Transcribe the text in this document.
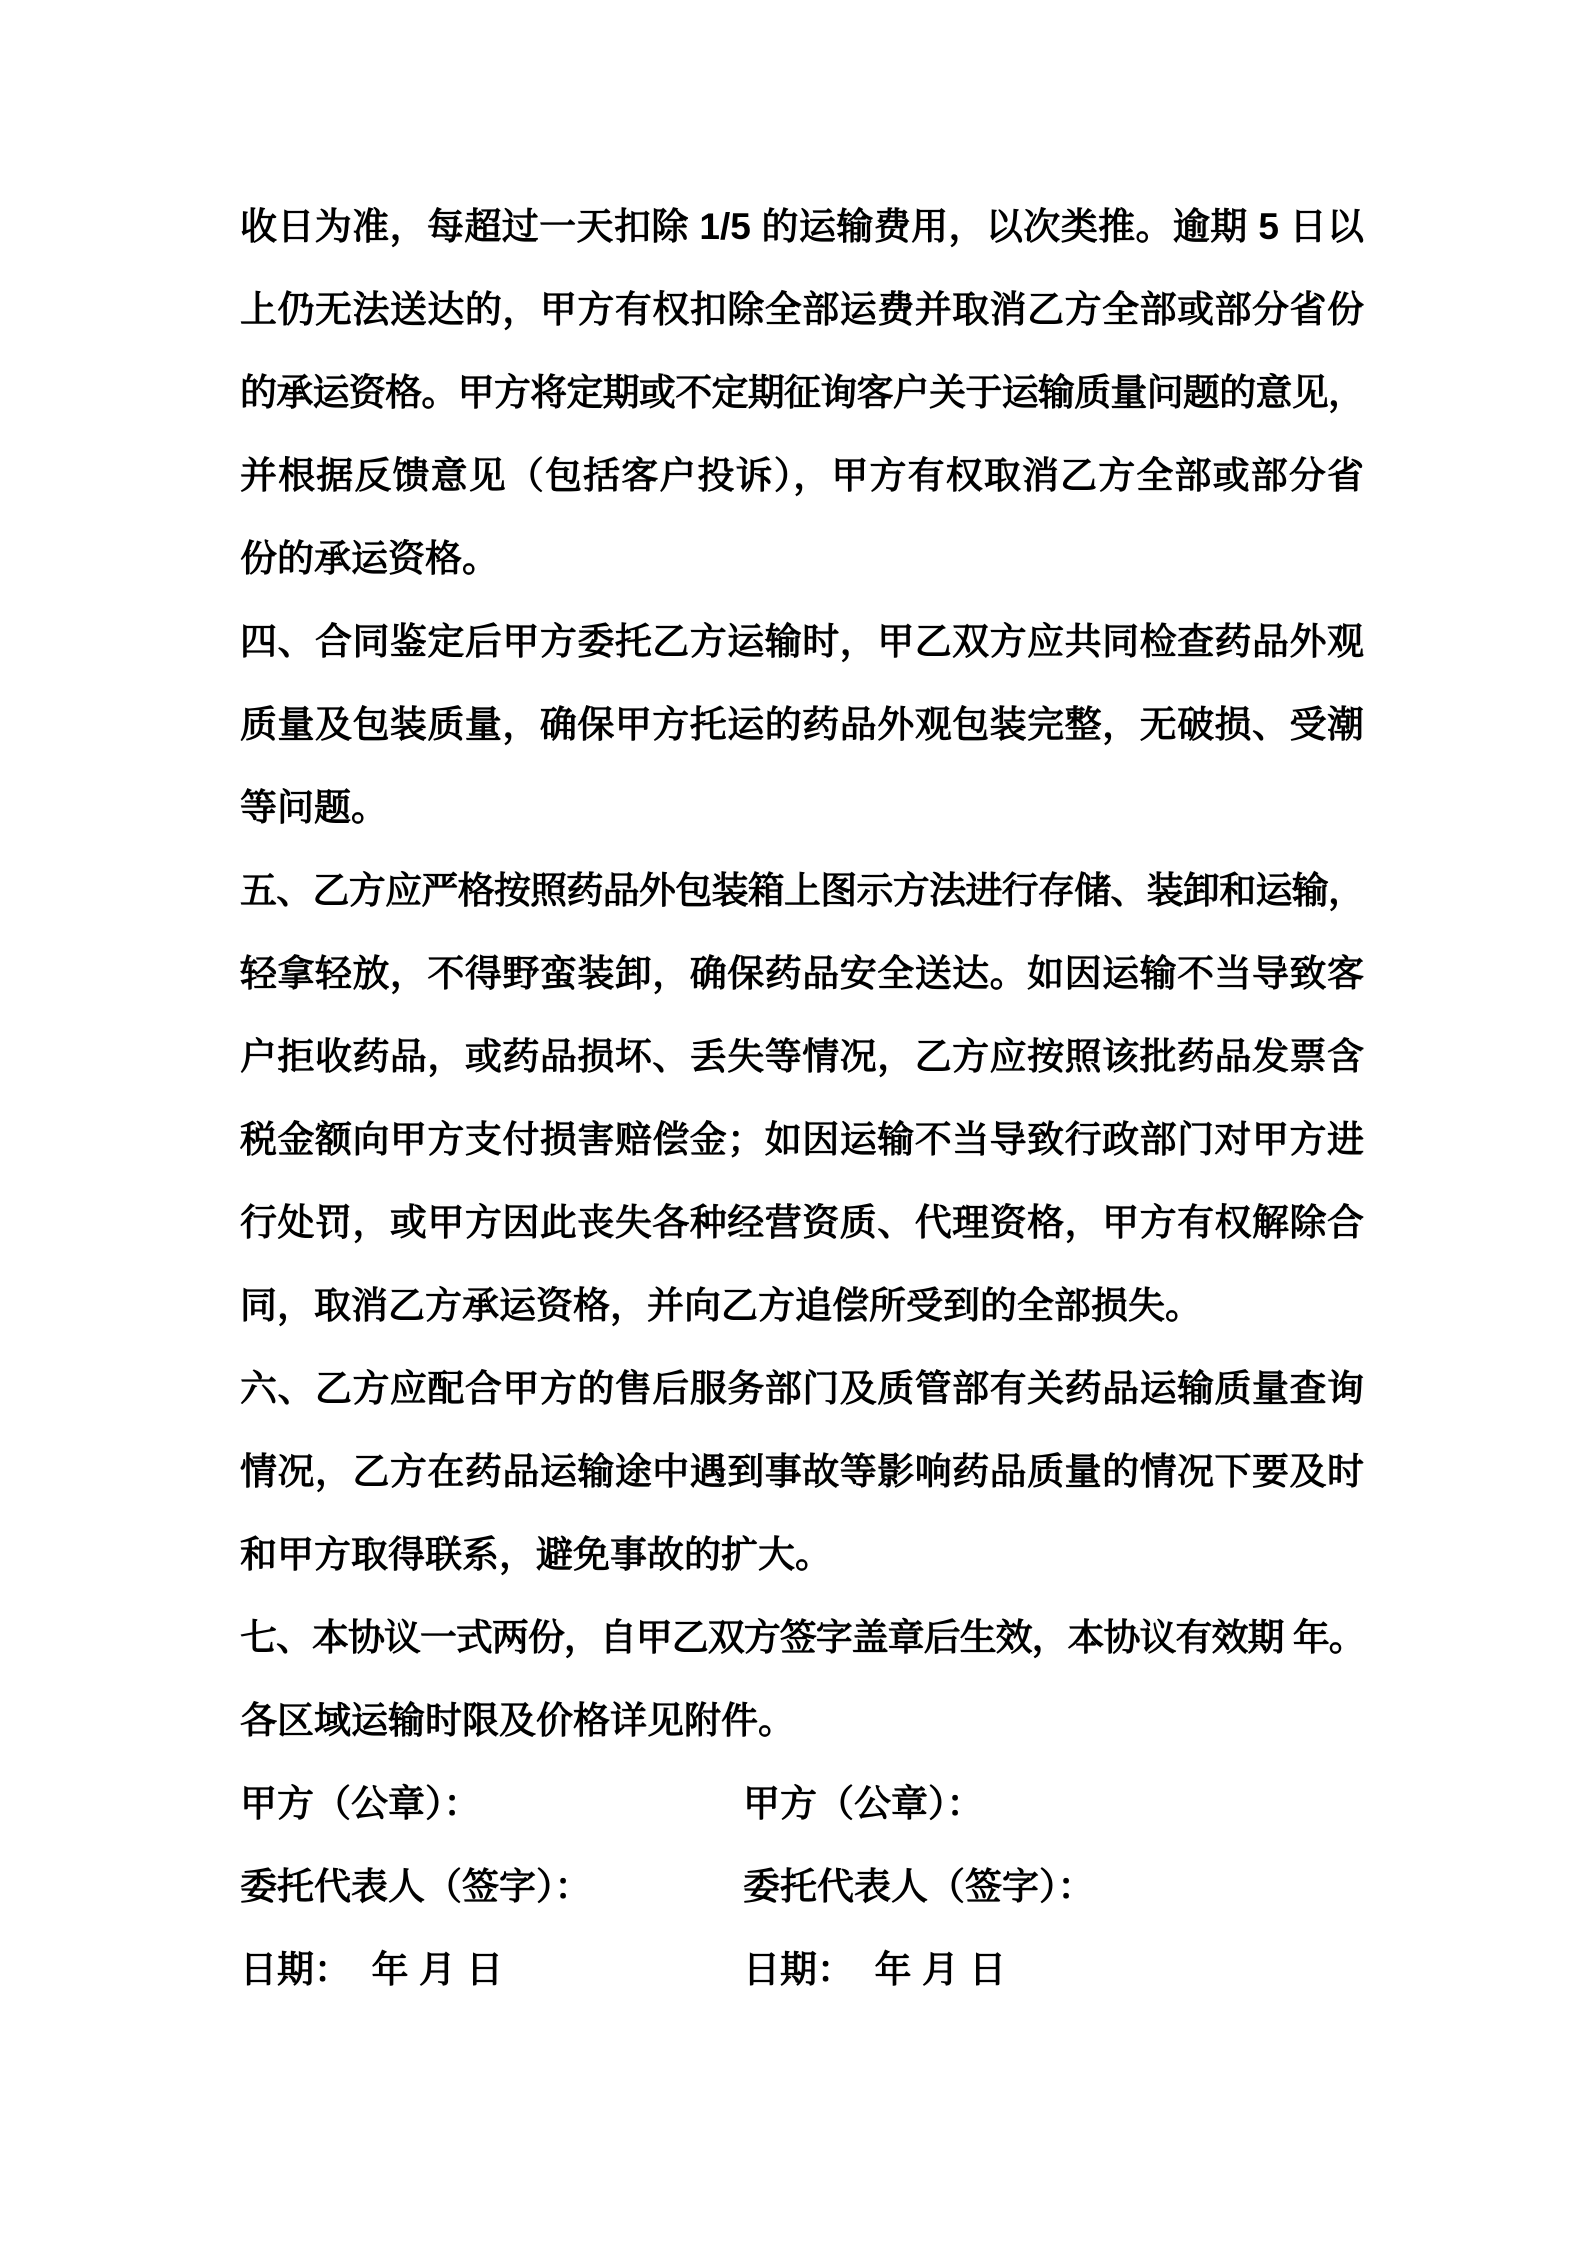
收日为准，每超过一天扣除 1/5 的运输费用，以次类推。逾期 5 日以
上仍无法送达的，甲方有权扣除全部运费并取消乙方全部或部分省份
的承运资格。甲方将定期或不定期征询客户关于运输质量问题的意见，
并根据反馈意见（包括客户投诉），甲方有权取消乙方全部或部分省
份的承运资格。
四、合同鉴定后甲方委托乙方运输时，甲乙双方应共同检查药品外观
质量及包装质量，确保甲方托运的药品外观包装完整，无破损、受潮
等问题。
五、乙方应严格按照药品外包装箱上图示方法进行存储、装卸和运输，
轻拿轻放，不得野蛮装卸，确保药品安全送达。如因运输不当导致客
户拒收药品，或药品损坏、丢失等情况，乙方应按照该批药品发票含
税金额向甲方支付损害赔偿金；如因运输不当导致行政部门对甲方进
行处罚，或甲方因此丧失各种经营资质、代理资格，甲方有权解除合
同，取消乙方承运资格，并向乙方追偿所受到的全部损失。
六、乙方应配合甲方的售后服务部门及质管部有关药品运输质量查询
情况，乙方在药品运输途中遇到事故等影响药品质量的情况下要及时
和甲方取得联系，避免事故的扩大。
七、本协议一式两份，自甲乙双方签字盖章后生效，本协议有效期 年。
各区域运输时限及价格详见附件。
甲方（公章）：	甲方（公章）：
委托代表人（签字）：	委托代表人（签字）：
日期：  年 月 日	日期：  年 月 日
